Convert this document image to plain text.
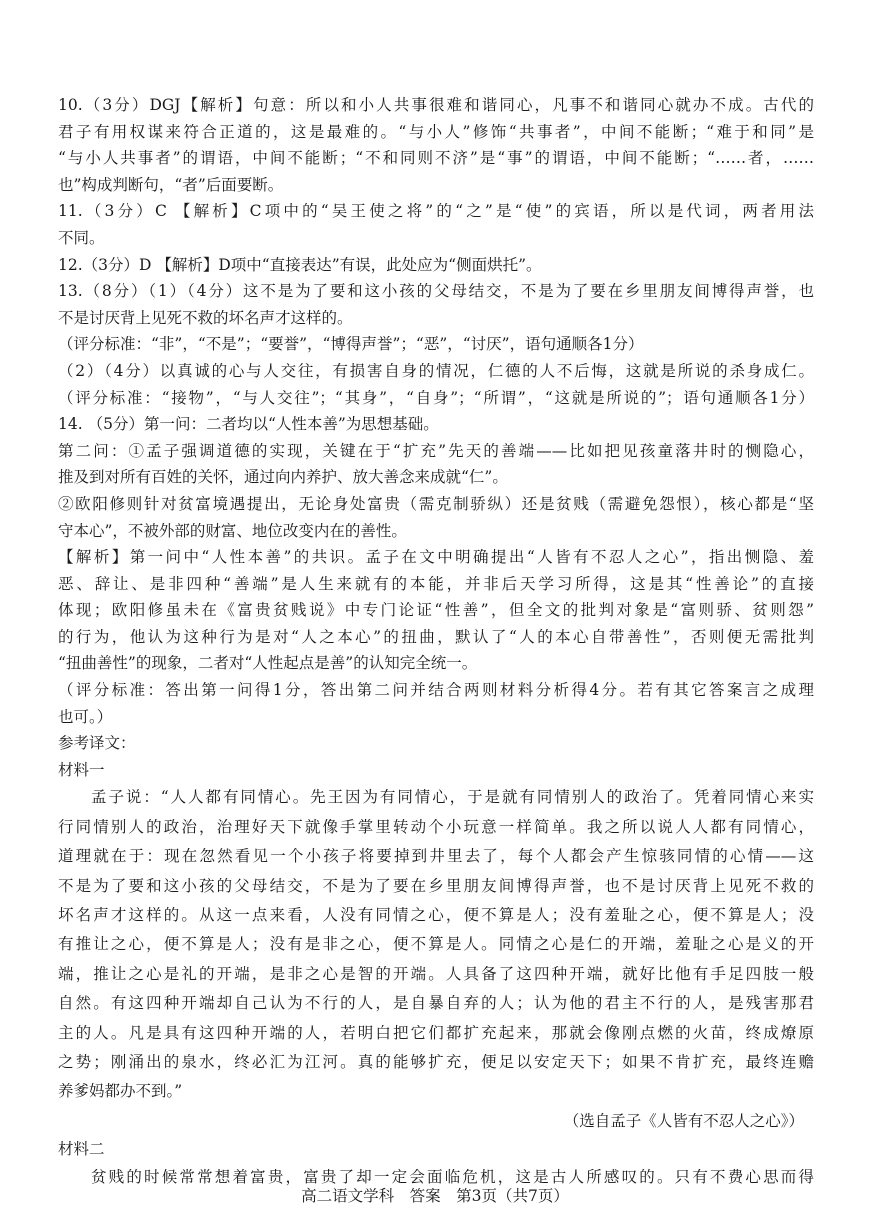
10.（3分）DGJ【解析】句意：所以和小人共事很难和谐同心，凡事不和谐同心就办不成。古代的
君子有用权谋来符合正道的，这是最难的。“与小人”修饰“共事者”，中间不能断；“难于和同”是
“与小人共事者”的谓语，中间不能断；“不和同则不济”是“事”的谓语，中间不能断；“……者，……
也”构成判断句，“者”后面要断。
11.（3分）C 【解析】C项中的“吴王使之将”的“之”是“使”的宾语，所以是代词，两者用法
不同。
12.（3分）D 【解析】D项中“直接表达”有误，此处应为“侧面烘托”。
13.（8分）（1）（4分）这不是为了要和这小孩的父母结交，不是为了要在乡里朋友间博得声誉，也
不是讨厌背上见死不救的坏名声才这样的。
（评分标准：“非”，“不是”；“要誉”，“博得声誉”；“恶”，“讨厌”，语句通顺各1分）
（2）（4分）以真诚的心与人交往，有损害自身的情况，仁德的人不后悔，这就是所说的杀身成仁。
（评分标准：“接物”，“与人交往”；“其身”，“自身”；“所谓”，“这就是所说的”；语句通顺各1分）
14. （5分）第一问：二者均以“人性本善”为思想基础。
第二问：①孟子强调道德的实现，关键在于“扩充”先天的善端——比如把见孩童落井时的恻隐心，
推及到对所有百姓的关怀，通过向内养护、放大善念来成就“仁”。
②欧阳修则针对贫富境遇提出，无论身处富贵（需克制骄纵）还是贫贱（需避免怨恨），核心都是“坚
守本心”，不被外部的财富、地位改变内在的善性。
【解析】第一问中“人性本善”的共识。孟子在文中明确提出“人皆有不忍人之心”，指出恻隐、羞
恶、辞让、是非四种“善端”是人生来就有的本能，并非后天学习所得，这是其“性善论”的直接
体现；欧阳修虽未在《富贵贫贱说》中专门论证“性善”，但全文的批判对象是“富则骄、贫则怨”
的行为，他认为这种行为是对“人之本心”的扭曲，默认了“人的本心自带善性”，否则便无需批判
“扭曲善性”的现象，二者对“人性起点是善”的认知完全统一。
（评分标准：答出第一问得1分，答出第二问并结合两则材料分析得4分。若有其它答案言之成理
也可。）
参考译文：
材料一
孟子说：“人人都有同情心。先王因为有同情心，于是就有同情别人的政治了。凭着同情心来实
行同情别人的政治，治理好天下就像手掌里转动个小玩意一样简单。我之所以说人人都有同情心，
道理就在于：现在忽然看见一个小孩子将要掉到井里去了，每个人都会产生惊骇同情的心情——这
不是为了要和这小孩的父母结交，不是为了要在乡里朋友间博得声誉，也不是讨厌背上见死不救的
坏名声才这样的。从这一点来看，人没有同情之心，便不算是人；没有羞耻之心，便不算是人；没
有推让之心，便不算是人；没有是非之心，便不算是人。同情之心是仁的开端，羞耻之心是义的开
端，推让之心是礼的开端，是非之心是智的开端。人具备了这四种开端，就好比他有手足四肢一般
自然。有这四种开端却自己认为不行的人，是自暴自弃的人；认为他的君主不行的人，是残害那君
主的人。凡是具有这四种开端的人，若明白把它们都扩充起来，那就会像刚点燃的火苗，终成燎原
之势；刚涌出的泉水，终必汇为江河。真的能够扩充，便足以安定天下；如果不肯扩充，最终连赡
养爹妈都办不到。”
（选自孟子《人皆有不忍人之心》）
材料二
贫贱的时候常常想着富贵，富贵了却一定会面临危机，这是古人所感叹的。只有不费心思而得
高二语文学科　答案　第3页（共7页）
